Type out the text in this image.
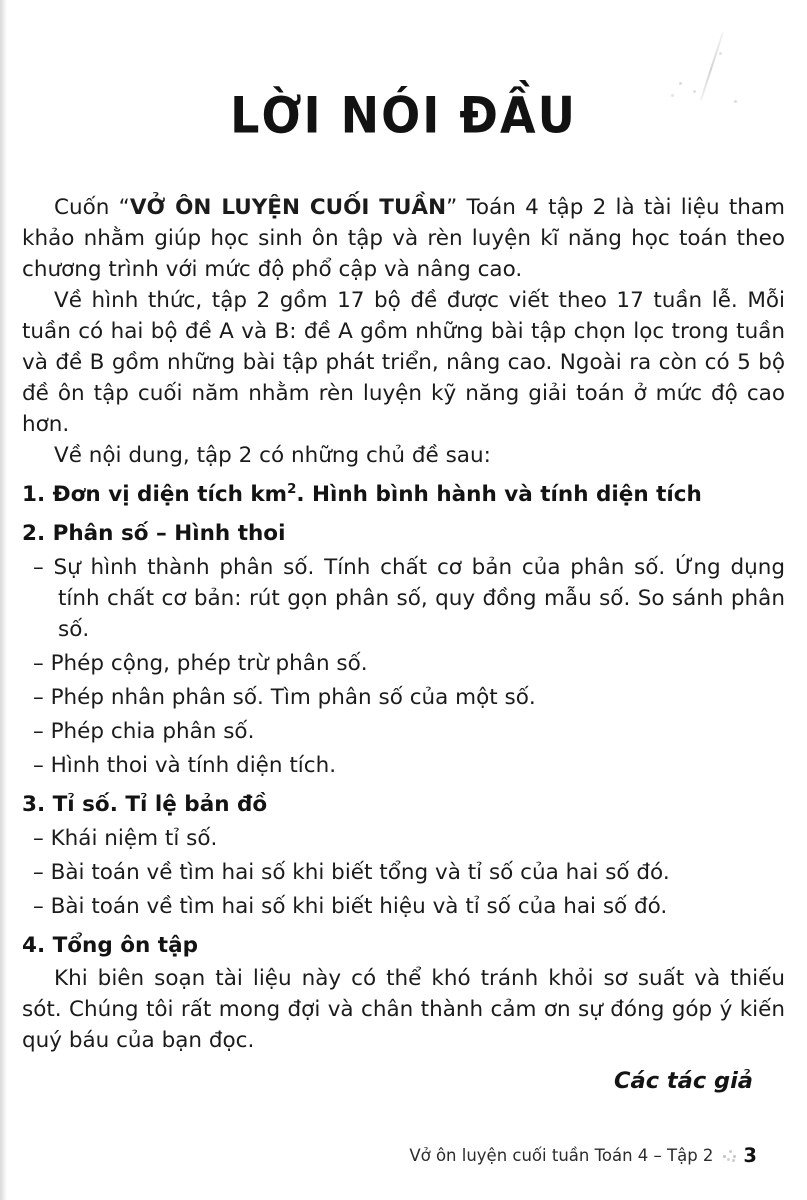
LỜI NÓI ĐẦU

Cuốn “VỞ ÔN LUYỆN CUỐI TUẦN” Toán 4 tập 2 là tài liệu tham khảo nhằm giúp học sinh ôn tập và rèn luyện kĩ năng học toán theo chương trình với mức độ phổ cập và nâng cao.

Về hình thức, tập 2 gồm 17 bộ đề được viết theo 17 tuần lễ. Mỗi tuần có hai bộ đề A và B: đề A gồm những bài tập chọn lọc trong tuần và đề B gồm những bài tập phát triển, nâng cao. Ngoài ra còn có 5 bộ đề ôn tập cuối năm nhằm rèn luyện kỹ năng giải toán ở mức độ cao hơn.

Về nội dung, tập 2 có những chủ đề sau:

1. Đơn vị diện tích $km^2$. Hình bình hành và tính diện tích
2. Phân số – Hình thoi
– Sự hình thành phân số. Tính chất cơ bản của phân số. Ứng dụng tính chất cơ bản: rút gọn phân số, quy đồng mẫu số. So sánh phân số.
– Phép cộng, phép trừ phân số.
– Phép nhân phân số. Tìm phân số của một số.
– Phép chia phân số.
– Hình thoi và tính diện tích.
3. Tỉ số. Tỉ lệ bản đồ
– Khái niệm tỉ số.
– Bài toán về tìm hai số khi biết tổng và tỉ số của hai số đó.
– Bài toán về tìm hai số khi biết hiệu và tỉ số của hai số đó.
4. Tổng ôn tập

Khi biên soạn tài liệu này có thể khó tránh khỏi sơ suất và thiếu sót. Chúng tôi rất mong đợi và chân thành cảm ơn sự đóng góp ý kiến quý báu của bạn đọc.

Các tác giả

Vở ôn luyện cuối tuần Toán 4 – Tập 2 3
